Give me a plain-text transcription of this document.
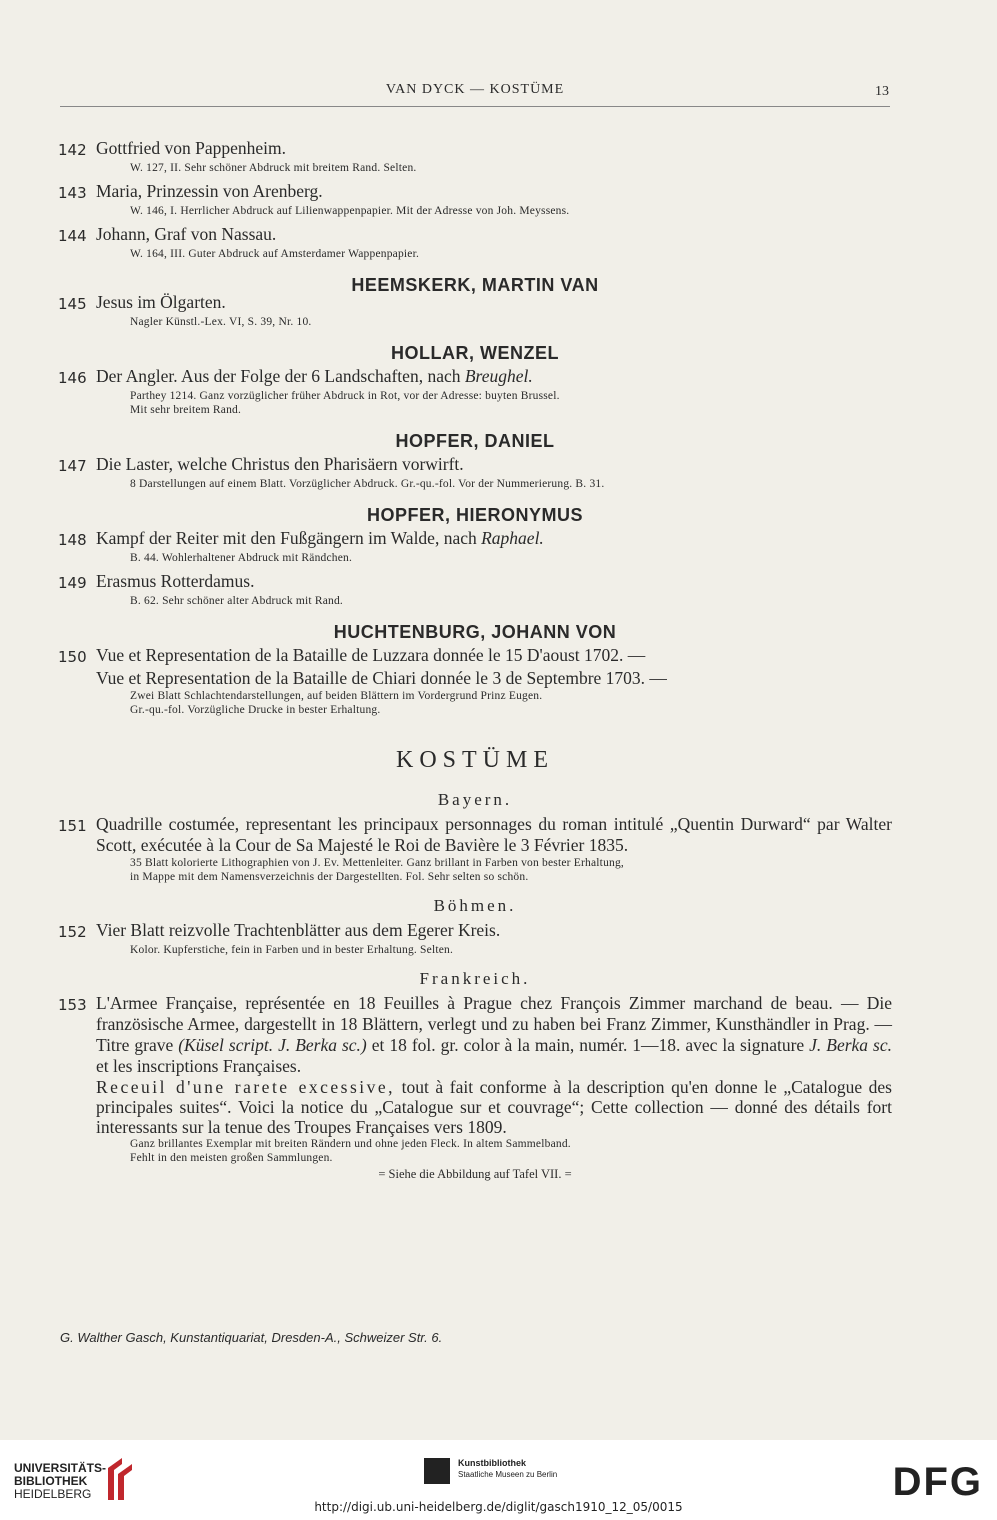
VAN DYCK — KOSTÜME	13
142 Gottfried von Pappenheim.
W. 127, II. Sehr schöner Abdruck mit breitem Rand. Selten.
143 Maria, Prinzessin von Arenberg.
W. 146, I. Herrlicher Abdruck auf Lilienwappenpapier. Mit der Adresse von Joh. Meyssens.
144 Johann, Graf von Nassau.
W. 164, III. Guter Abdruck auf Amsterdamer Wappenpapier.
HEEMSKERK, MARTIN VAN
145 Jesus im Ölgarten.
Nagler Künstl.-Lex. VI, S. 39, Nr. 10.
HOLLAR, WENZEL
146 Der Angler. Aus der Folge der 6 Landschaften, nach Breughel.
Parthey 1214. Ganz vorzüglicher früher Abdruck in Rot, vor der Adresse: buyten Brussel.
Mit sehr breitem Rand.
HOPFER, DANIEL
147 Die Laster, welche Christus den Pharisäern vorwirft.
8 Darstellungen auf einem Blatt. Vorzüglicher Abdruck. Gr.-qu.-fol. Vor der Nummerierung. B. 31.
HOPFER, HIERONYMUS
148 Kampf der Reiter mit den Fußgängern im Walde, nach Raphael.
B. 44. Wohlerhaltener Abdruck mit Rändchen.
149 Erasmus Rotterdamus.
B. 62. Sehr schöner alter Abdruck mit Rand.
HUCHTENBURG, JOHANN VON
150 Vue et Representation de la Bataille de Luzzara donnée le 15 D'aoust 1702. —
Vue et Representation de la Bataille de Chiari donnée le 3 de Septembre 1703. —
Zwei Blatt Schlachtendarstellungen, auf beiden Blättern im Vordergrund Prinz Eugen.
Gr.-qu.-fol. Vorzügliche Drucke in bester Erhaltung.
KOSTÜME
Bayern.
151 Quadrille costumée, representant les principaux personnages du roman intitulé „Quentin Durward“ par Walter Scott, exécutée à la Cour de Sa Majesté le Roi de Bavière le 3 Février 1835.
35 Blatt kolorierte Lithographien von J. Ev. Mettenleiter. Ganz brillant in Farben von bester Erhaltung,
in Mappe mit dem Namensverzeichnis der Dargestellten. Fol. Sehr selten so schön.
Böhmen.
152 Vier Blatt reizvolle Trachtenblätter aus dem Egerer Kreis.
Kolor. Kupferstiche, fein in Farben und in bester Erhaltung. Selten.
Frankreich.
153 L'Armee Française, représentée en 18 Feuilles à Prague chez François Zimmer marchand de beau. — Die französische Armee, dargestellt in 18 Blättern, verlegt und zu haben bei Franz Zimmer, Kunsthändler in Prag. — Titre grave (Küsel script. J. Berka sc.) et 18 fol. gr. color à la main, numér. 1—18. avec la signature J. Berka sc. et les inscriptions Françaises.
Receuil d'une rarete excessive, tout à fait conforme à la description qu'en donne le „Catalogue des principales suites“. Voici la notice du „Catalogue sur et couvrage“; Cette collection — donné des détails fort interessants sur la tenue des Troupes Françaises vers 1809.
Ganz brillantes Exemplar mit breiten Rändern und ohne jeden Fleck. In altem Sammelband.
Fehlt in den meisten großen Sammlungen.
= Siehe die Abbildung auf Tafel VII. =
G. Walther Gasch, Kunstantiquariat, Dresden-A., Schweizer Str. 6.
UNIVERSITÄTS-
BIBLIOTHEK
HEIDELBERG
Kunstbibliothek
Staatliche Museen zu Berlin	DFG
http://digi.ub.uni-heidelberg.de/diglit/gasch1910_12_05/0015
